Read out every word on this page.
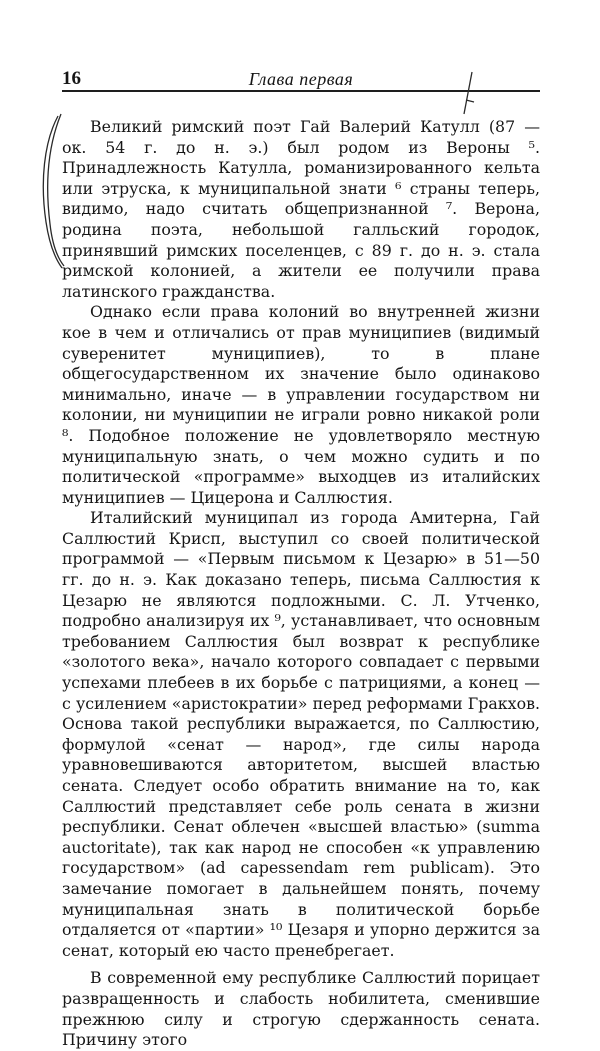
16	Глава первая

Великий римский поэт Гай Валерий Катулл (87 — ок. 54 г. до н. э.) был родом из Вероны ⁵. Принадлежность Катулла, романизированного кельта или этруска, к муниципальной знати ⁶ страны теперь, видимо, надо считать общепризнанной ⁷. Верона, родина поэта, небольшой галльский городок, принявший римских поселенцев, с 89 г. до н. э. стала римской колонией, а жители ее получили права латинского гражданства.

Однако если права колоний во внутренней жизни кое в чем и отличались от прав муниципиев (видимый суверенитет муниципиев), то в плане общегосударственном их значение было одинаково минимально, иначе — в управлении государством ни колонии, ни муниципии не играли ровно никакой роли ⁸. Подобное положение не удовлетворяло местную муниципальную знать, о чем можно судить и по политической «программе» выходцев из италийских муниципиев — Цицерона и Саллюстия.

Италийский муниципал из города Амитерна, Гай Саллюстий Крисп, выступил со своей политической программой — «Первым письмом к Цезарю» в 51—50 гг. до н. э. Как доказано теперь, письма Саллюстия к Цезарю не являются подложными. С. Л. Утченко, подробно анализируя их ⁹, устанавливает, что основным требованием Саллюстия был возврат к республике «золотого века», начало которого совпадает с первыми успехами плебеев в их борьбе с патрициями, а конец — с усилением «аристократии» перед реформами Гракхов. Основа такой республики выражается, по Саллюстию, формулой «сенат — народ», где силы народа уравновешиваются авторитетом, высшей властью сената. Следует особо обратить внимание на то, как Саллюстий представляет себе роль сената в жизни республики. Сенат облечен «высшей властью» (summa auctoritate), так как народ не способен «к управлению государством» (ad capessendam rem publicam). Это замечание помогает в дальнейшем понять, почему муниципальная знать в политической борьбе отдаляется от «партии» ¹⁰ Цезаря и упорно держится за сенат, который ею часто пренебрегает.

В современной ему республике Саллюстий порицает развращенность и слабость нобилитета, сменившие прежнюю силу и строгую сдержанность сената. Причину этого
